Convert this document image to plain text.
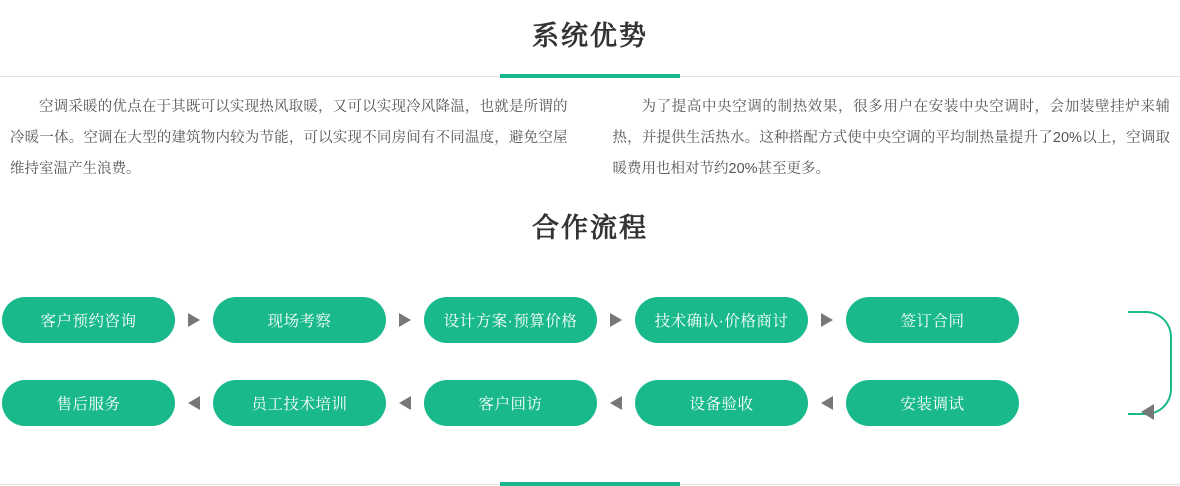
系统优势

空调采暖的优点在于其既可以实现热风取暖，又可以实现冷风降温，也就是所谓的冷暖一体。空调在大型的建筑物内较为节能，可以实现不同房间有不同温度，避免空屋维持室温产生浪费。

为了提高中央空调的制热效果，很多用户在安装中央空调时，会加装壁挂炉来辅热，并提供生活热水。这种搭配方式使中央空调的平均制热量提升了20%以上，空调取暖费用也相对节约20%甚至更多。

合作流程
客户预约咨询	现场考察	设计方案·预算价格	技术确认·价格商讨	签订合同
售后服务	员工技术培训	客户回访	设备验收	安装调试
